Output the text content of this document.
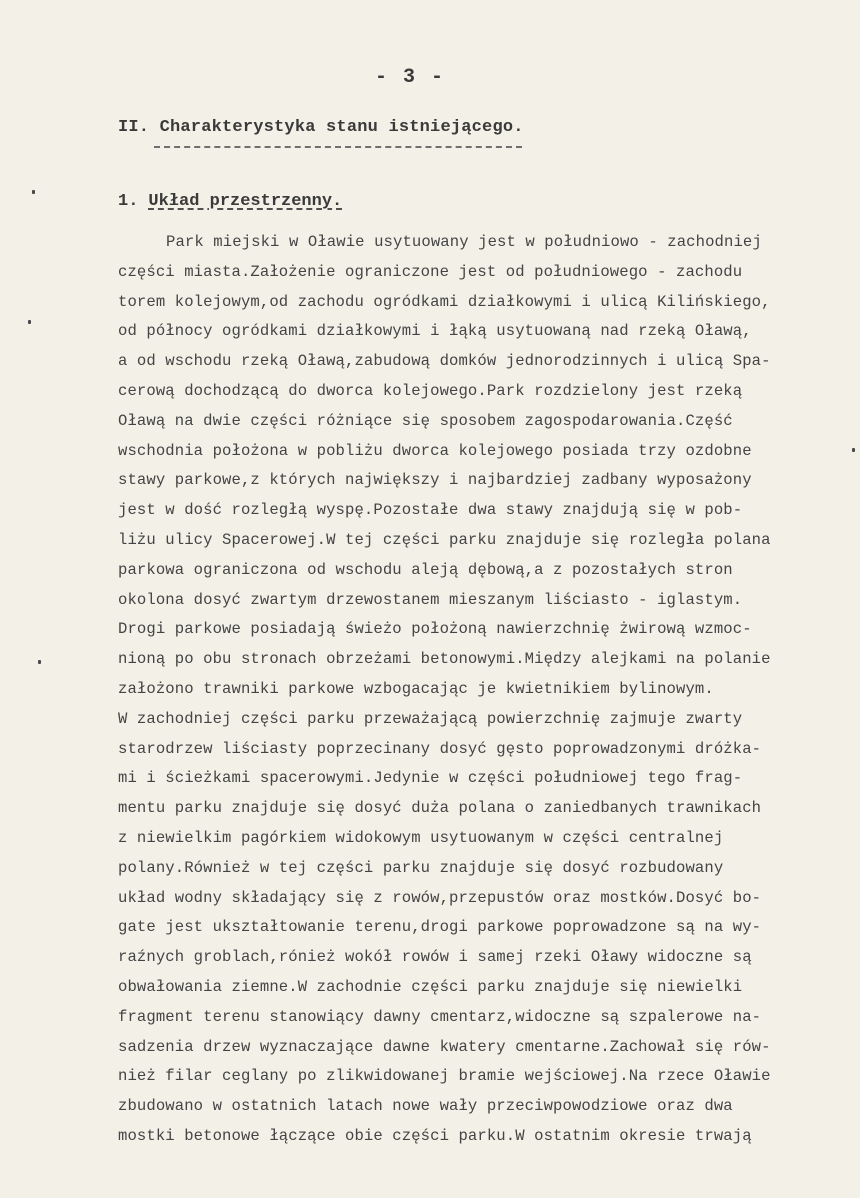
- 3 -
II. Charakterystyka stanu istniejącego.
1. Układ przestrzenny.
Park miejski w Oławie usytuowany jest w południowo - zachodniej
części miasta.Założenie ograniczone jest od południowego - zachodu
torem kolejowym,od zachodu ogródkami działkowymi i ulicą Kilińskiego,
od północy ogródkami działkowymi i łąką usytuowaną nad rzeką Oławą,
a od wschodu rzeką Oławą,zabudową domków jednorodzinnych i ulicą Spa-
cerową dochodzącą do dworca kolejowego.Park rozdzielony jest rzeką
Oławą na dwie części różniące się sposobem zagospodarowania.Część
wschodnia położona w pobliżu dworca kolejowego posiada trzy ozdobne
stawy parkowe,z których największy i najbardziej zadbany wyposażony
jest w dość rozległą wyspę.Pozostałe dwa stawy znajdują się w pob-
liżu ulicy Spacerowej.W tej części parku znajduje się rozległa polana
parkowa ograniczona od wschodu aleją dębową,a z pozostałych stron
okolona dosyć zwartym drzewostanem mieszanym liściasto - iglastym.
Drogi parkowe posiadają świeżo położoną nawierzchnię żwirową wzmoc-
nioną po obu stronach obrzeżami betonowymi.Między alejkami na polanie
założono trawniki parkowe wzbogacając je kwietnikiem bylinowym.
W zachodniej części parku przeważającą powierzchnię zajmuje zwarty
starodrzew liściasty poprzecinany dosyć gęsto poprowadzonymi dróżka-
mi i ścieżkami spacerowymi.Jedynie w części południowej tego frag-
mentu parku znajduje się dosyć duża polana o zaniedbanych trawnikach
z niewielkim pagórkiem widokowym usytuowanym w części centralnej
polany.Również w tej części parku znajduje się dosyć rozbudowany
układ wodny składający się z rowów,przepustów oraz mostków.Dosyć bo-
gate jest ukształtowanie terenu,drogi parkowe poprowadzone są na wy-
raźnych groblach,rónież wokół rowów i samej rzeki Oławy widoczne są
obwałowania ziemne.W zachodnie części parku znajduje się niewielki
fragment terenu stanowiący dawny cmentarz,widoczne są szpalerowe na-
sadzenia drzew wyznaczające dawne kwatery cmentarne.Zachował się rów-
nież filar ceglany po zlikwidowanej bramie wejściowej.Na rzece Oławie
zbudowano w ostatnich latach nowe wały przeciwpowodziowe oraz dwa
mostki betonowe łączące obie części parku.W ostatnim okresie trwają
